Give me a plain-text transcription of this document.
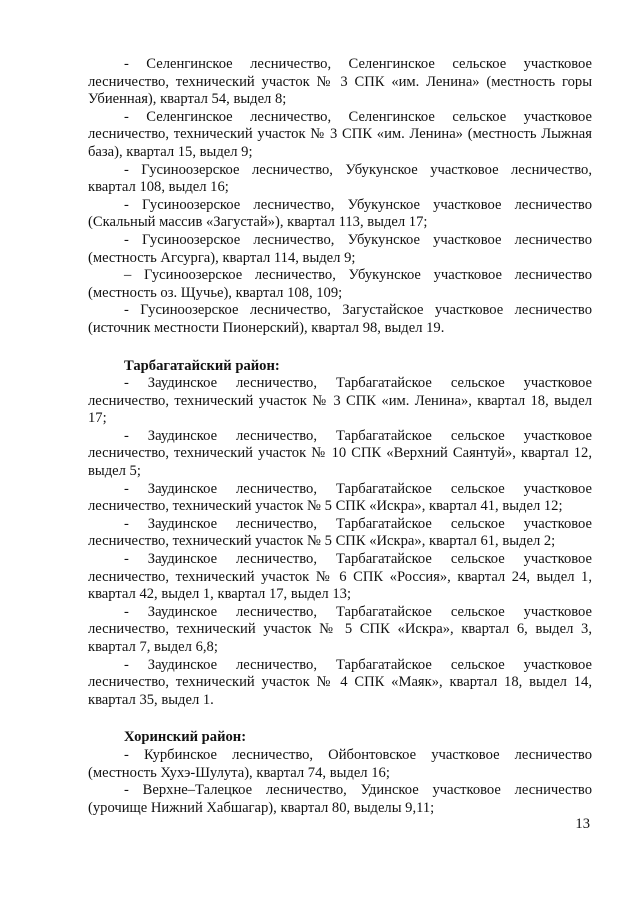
- Селенгинское лесничество, Селенгинское сельское участковое лесничество, технический участок № 3 СПК «им. Ленина» (местность горы Убиенная), квартал 54, выдел 8;

- Селенгинское лесничество, Селенгинское сельское участковое лесничество, технический участок № 3 СПК «им. Ленина» (местность Лыжная база), квартал 15, выдел 9;

- Гусиноозерское лесничество, Убукунское участковое лесничество, квартал 108, выдел 16;

- Гусиноозерское лесничество, Убукунское участковое лесничество (Скальный массив «Загустай»), квартал 113, выдел 17;

- Гусиноозерское лесничество, Убукунское участковое лесничество (местность Агсурга), квартал 114, выдел 9;

– Гусиноозерское лесничество, Убукунское участковое лесничество (местность оз. Щучье), квартал 108, 109;

- Гусиноозерское лесничество, Загустайское участковое лесничество (источник местности Пионерский), квартал 98, выдел 19.

Тарбагатайский район:

- Заудинское лесничество, Тарбагатайское сельское участковое лесничество, технический участок № 3 СПК «им. Ленина», квартал 18, выдел 17;

- Заудинское лесничество, Тарбагатайское сельское участковое лесничество, технический участок № 10 СПК «Верхний Саянтуй», квартал 12, выдел 5;

- Заудинское лесничество, Тарбагатайское сельское участковое лесничество, технический участок № 5 СПК «Искра», квартал 41, выдел 12;

- Заудинское лесничество, Тарбагатайское сельское участковое лесничество, технический участок № 5 СПК «Искра», квартал 61, выдел 2;

- Заудинское лесничество, Тарбагатайское сельское участковое лесничество, технический участок № 6 СПК «Россия», квартал 24, выдел 1, квартал 42, выдел 1, квартал 17, выдел 13;

- Заудинское лесничество, Тарбагатайское сельское участковое лесничество, технический участок № 5 СПК «Искра», квартал 6, выдел 3, квартал 7, выдел 6,8;

- Заудинское лесничество, Тарбагатайское сельское участковое лесничество, технический участок № 4 СПК «Маяк», квартал 18, выдел 14, квартал 35, выдел 1.

Хоринский район:

- Курбинское лесничество, Ойбонтовское участковое лесничество (местность Хухэ-Шулута), квартал 74, выдел 16;

- Верхне–Талецкое лесничество, Удинское участковое лесничество (урочище Нижний Хабшагар), квартал 80, выделы 9,11;

13
